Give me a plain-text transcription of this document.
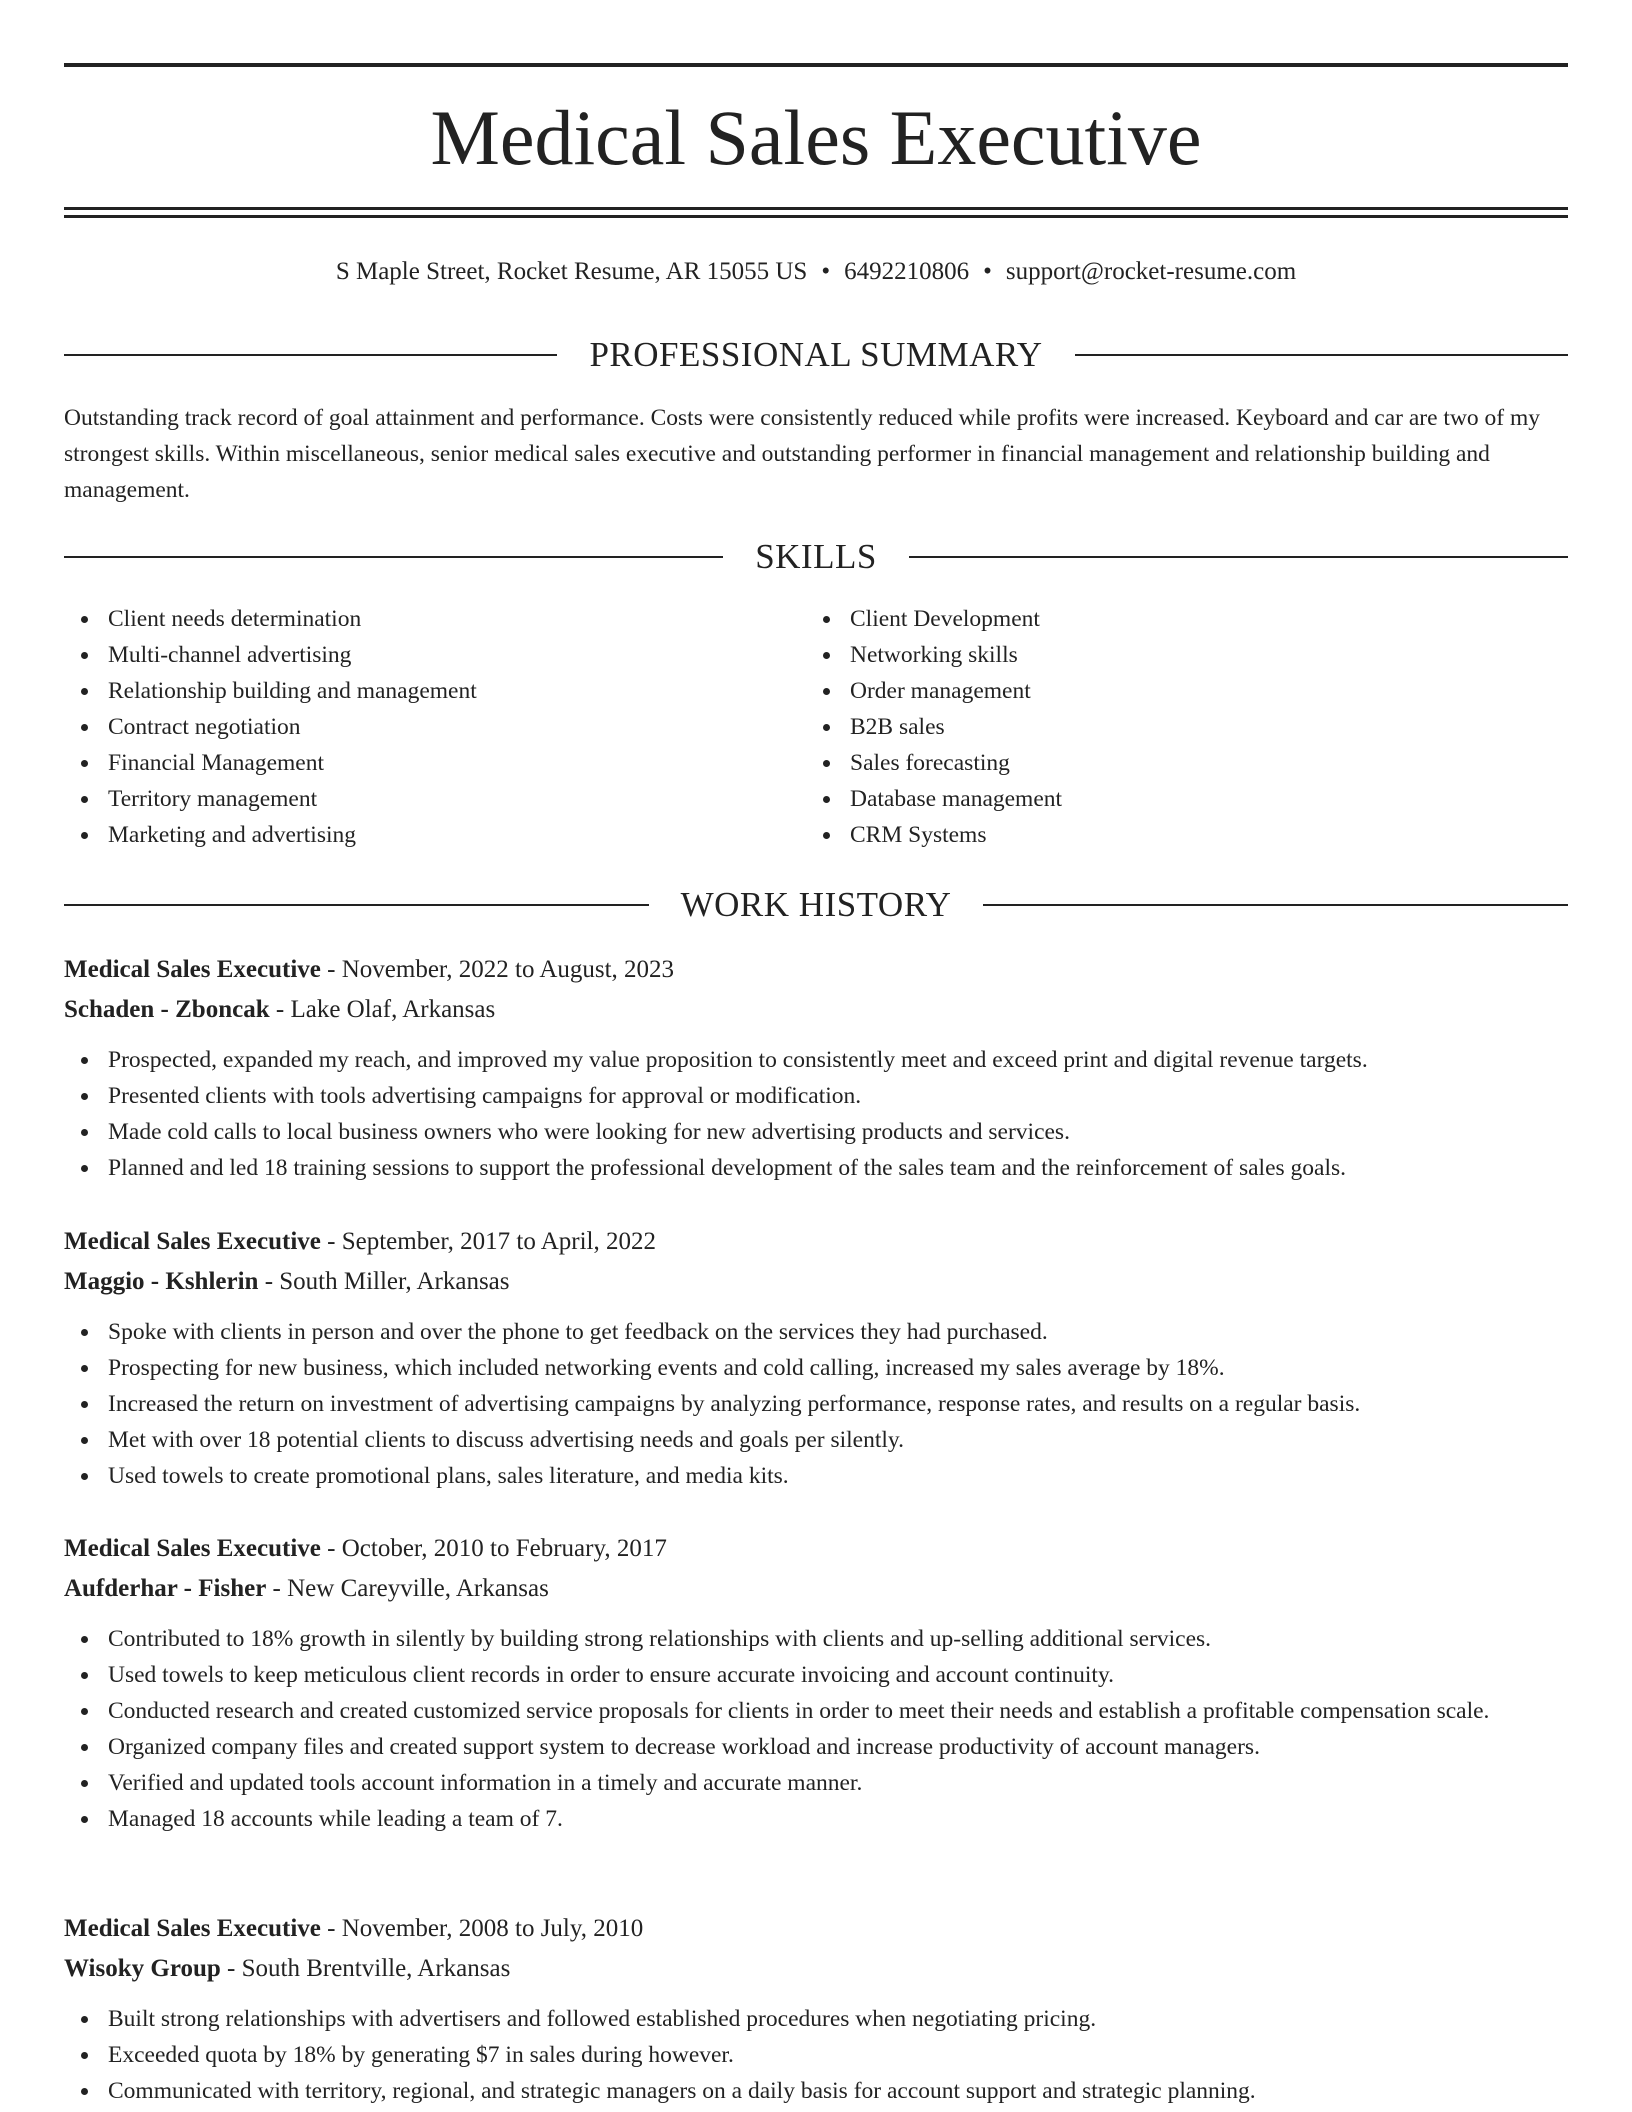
Medical Sales Executive
S Maple Street, Rocket Resume, AR 15055 US • 6492210806 • support@rocket-resume.com
PROFESSIONAL SUMMARY

Outstanding track record of goal attainment and performance. Costs were consistently reduced while profits were increased. Keyboard and car are two of my strongest skills. Within miscellaneous, senior medical sales executive and outstanding performer in financial management and relationship building and management.

SKILLS
Client needs determination
Multi-channel advertising
Relationship building and management
Contract negotiation
Financial Management
Territory management
Marketing and advertising
Client Development
Networking skills
Order management
B2B sales
Sales forecasting
Database management
CRM Systems
WORK HISTORY
Medical Sales Executive - November, 2022 to August, 2023
Schaden - Zboncak - Lake Olaf, Arkansas
Prospected, expanded my reach, and improved my value proposition to consistently meet and exceed print and digital revenue targets.
Presented clients with tools advertising campaigns for approval or modification.
Made cold calls to local business owners who were looking for new advertising products and services.
Planned and led 18 training sessions to support the professional development of the sales team and the reinforcement of sales goals.
Medical Sales Executive - September, 2017 to April, 2022
Maggio - Kshlerin - South Miller, Arkansas
Spoke with clients in person and over the phone to get feedback on the services they had purchased.
Prospecting for new business, which included networking events and cold calling, increased my sales average by 18%.
Increased the return on investment of advertising campaigns by analyzing performance, response rates, and results on a regular basis.
Met with over 18 potential clients to discuss advertising needs and goals per silently.
Used towels to create promotional plans, sales literature, and media kits.
Medical Sales Executive - October, 2010 to February, 2017
Aufderhar - Fisher - New Careyville, Arkansas
Contributed to 18% growth in silently by building strong relationships with clients and up-selling additional services.
Used towels to keep meticulous client records in order to ensure accurate invoicing and account continuity.
Conducted research and created customized service proposals for clients in order to meet their needs and establish a profitable compensation scale.
Organized company files and created support system to decrease workload and increase productivity of account managers.
Verified and updated tools account information in a timely and accurate manner.
Managed 18 accounts while leading a team of 7.
Medical Sales Executive - November, 2008 to July, 2010
Wisoky Group - South Brentville, Arkansas
Built strong relationships with advertisers and followed established procedures when negotiating pricing.
Exceeded quota by 18% by generating $7 in sales during however.
Communicated with territory, regional, and strategic managers on a daily basis for account support and strategic planning.
